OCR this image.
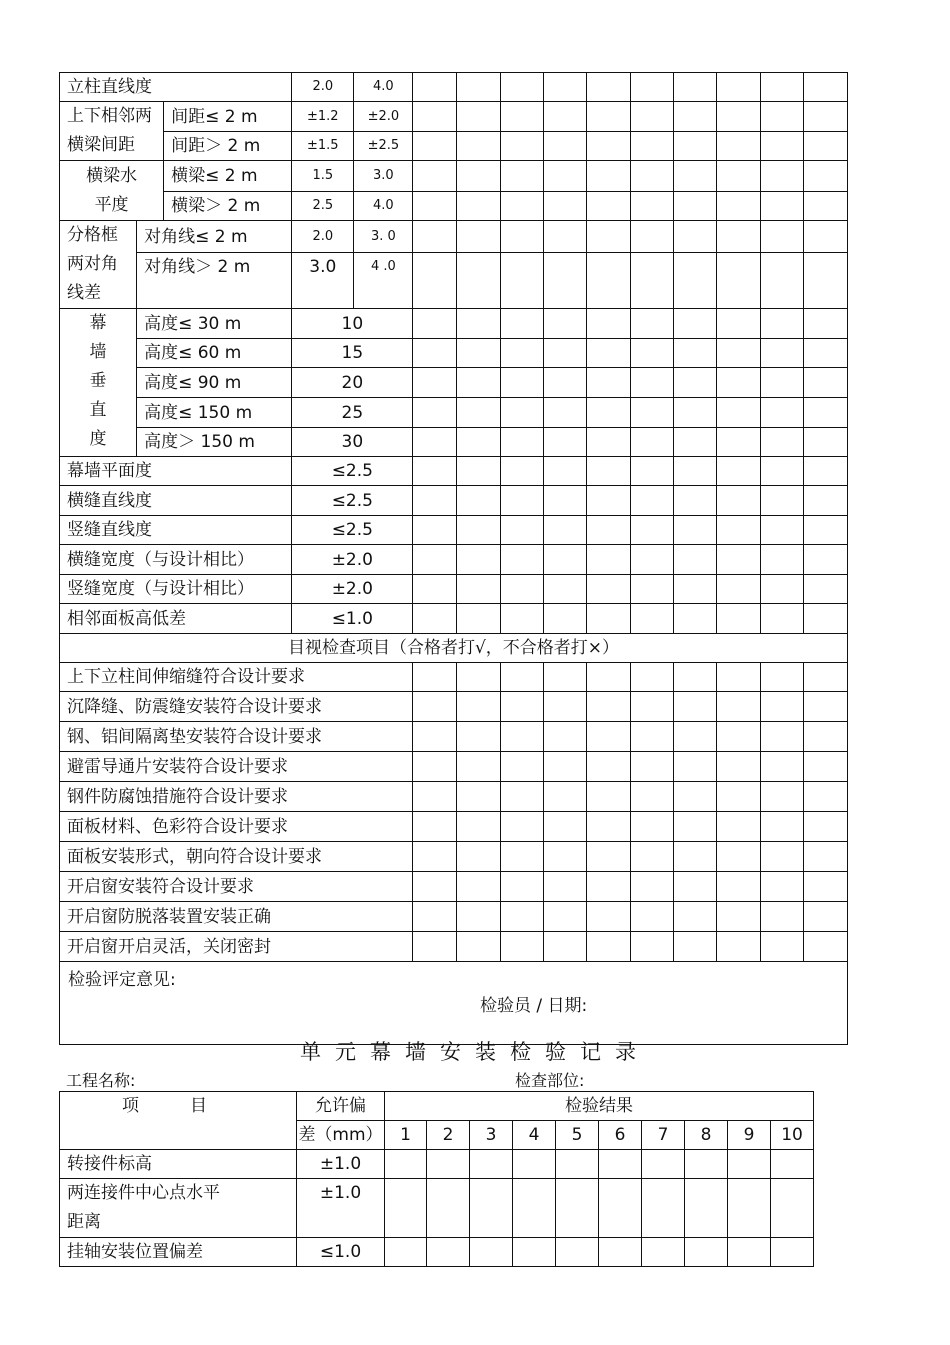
立柱直线度			2.0	4.0										
上下相邻两横梁间距		间距≤ 2 m	±1.2	±2.0										
		间距＞ 2 m	±1.5	±2.5										
横梁水平度		横梁≤ 2 m	1.5	3.0										
		横梁＞ 2 m	2.5	4.0										
分格框两对角线差	对角线≤ 2 m		2.0	3. 0										
	对角线＞ 2 m		3.0	4 .0										
幕墙垂直度	高度≤ 30 m		10											
	高度≤ 60 m		15											
	高度≤ 90 m		20											
	高度≤ 150 m		25											
	高度＞ 150 m		30											
幕墙平面度			≤2.5											
横缝直线度			≤2.5											
竖缝直线度			≤2.5											
横缝宽度（与设计相比）			±2.0											
竖缝宽度（与设计相比）			±2.0											
相邻面板高低差			≤1.0											
目视检查项目（合格者打√，不合格者打×）														
上下立柱间伸缩缝符合设计要求														
沉降缝、防震缝安装符合设计要求														
钢、铝间隔离垫安装符合设计要求														
避雷导通片安装符合设计要求														
钢件防腐蚀措施符合设计要求														
面板材料、色彩符合设计要求														
面板安装形式，朝向符合设计要求														
开启窗安装符合设计要求														
开启窗防脱落装置安装正确														
开启窗开启灵活，关闭密封														

检验评定意见:
检验员 / 日期:														
单元幕墙安装检验记录
工程名称:	检查部位:
项　　　目	允许偏	检验结果									
	差（mm）	1	2	3	4	5	6	7	8	9	10
转接件标高	±1.0										
两连接件中心点水平距离	±1.0										
挂轴安装位置偏差	≤1.0										
